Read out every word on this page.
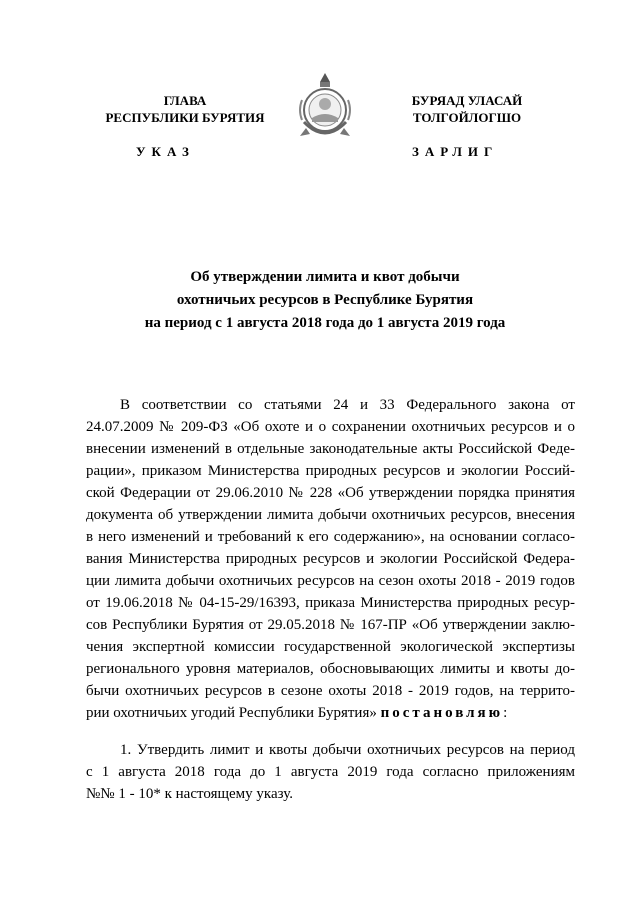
ГЛАВА
РЕСПУБЛИКИ БУРЯТИЯ
БУРЯАД УЛАСАЙ
ТОЛГОЙЛОГШО
УКАЗ	ЗАРЛИГ
Об утверждении лимита и квот добычи
охотничьих ресурсов в Республике Бурятия
на период с 1 августа 2018 года до 1 августа 2019 года
В соответствии со статьями 24 и 33 Федерального закона от
24.07.2009 № 209-ФЗ «Об охоте и о сохранении охотничьих ресурсов и о
внесении изменений в отдельные законодательные акты Российской Феде-
рации», приказом Министерства природных ресурсов и экологии Россий-
ской Федерации от 29.06.2010 № 228 «Об утверждении порядка принятия
документа об утверждении лимита добычи охотничьих ресурсов, внесения
в него изменений и требований к его содержанию», на основании согласо-
вания Министерства природных ресурсов и экологии Российской Федера-
ции лимита добычи охотничьих ресурсов на сезон охоты 2018 - 2019 годов
от 19.06.2018 № 04-15-29/16393, приказа Министерства природных ресур-
сов Республики Бурятия от 29.05.2018 № 167-ПР «Об утверждении заклю-
чения экспертной комиссии государственной экологической экспертизы
регионального уровня материалов, обосновывающих лимиты и квоты до-
бычи охотничьих ресурсов в сезоне охоты 2018 - 2019 годов, на террито-
рии охотничьих угодий Республики Бурятия» постановляю:
1. Утвердить лимит и квоты добычи охотничьих ресурсов на период
с 1 августа 2018 года до 1 августа 2019 года согласно приложениям
№№ 1 - 10* к настоящему указу.
